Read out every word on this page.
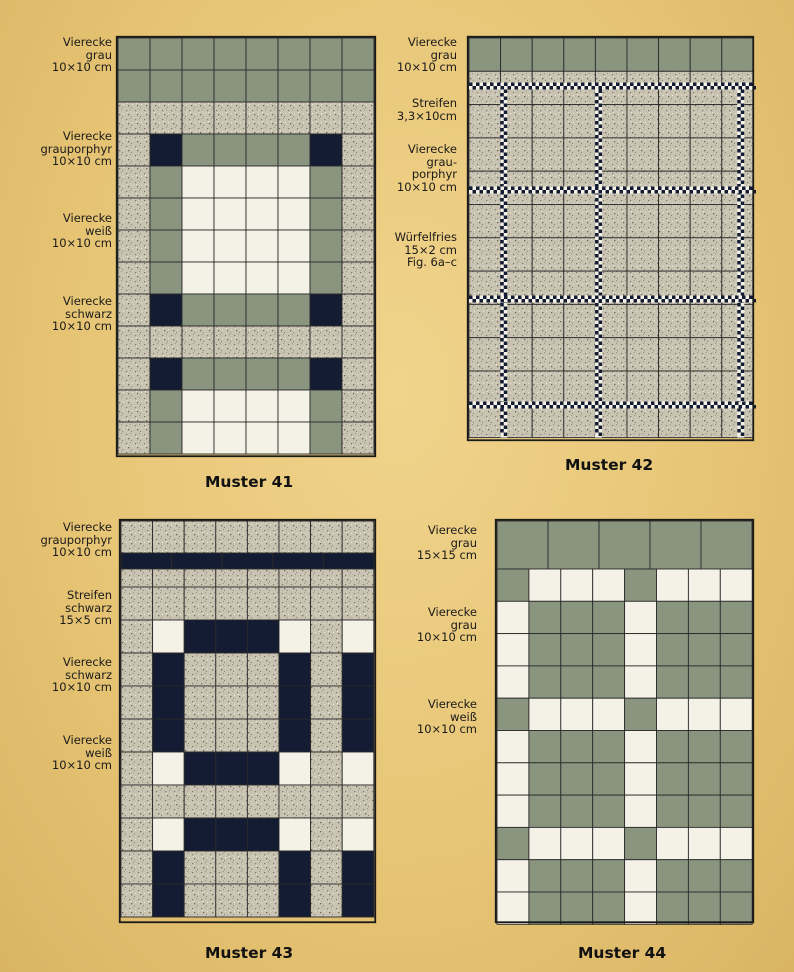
Vierecke
grau
10×10 cm
Vierecke
grauporphyr
10×10 cm
Vierecke
weiß
10×10 cm
Vierecke
schwarz
10×10 cm
Muster 41
Vierecke
grau
10×10 cm
Streifen
3,3×10cm
Vierecke
grau-
porphyr
10×10 cm
Würfelfries
15×2 cm
Fig. 6a–c
Muster 42
Vierecke
grauporphyr
10×10 cm
Streifen
schwarz
15×5 cm
Vierecke
schwarz
10×10 cm
Vierecke
weiß
10×10 cm
Muster 43
Vierecke
grau
15×15 cm
Vierecke
grau
10×10 cm
Vierecke
weiß
10×10 cm
Muster 44
